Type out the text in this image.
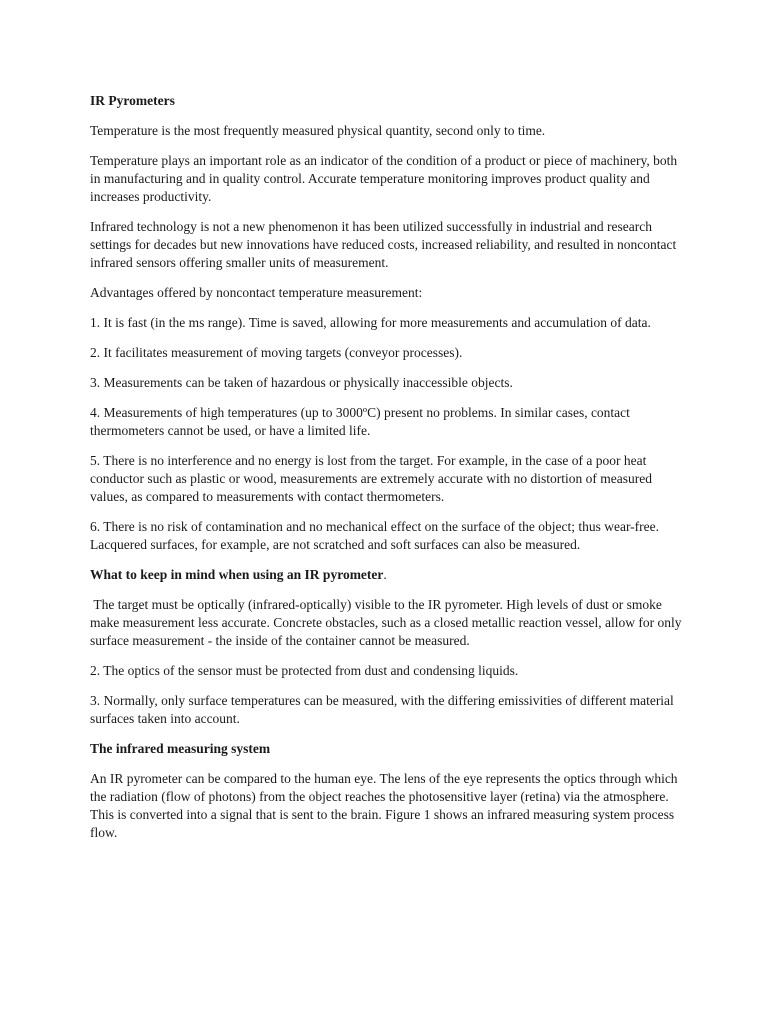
IR Pyrometers
Temperature is the most frequently measured physical quantity, second only to time.
Temperature plays an important role as an indicator of the condition of a product or piece of machinery, both in manufacturing and in quality control. Accurate temperature monitoring improves product quality and increases productivity.
Infrared technology is not a new phenomenon it has been utilized successfully in industrial and research settings for decades but new innovations have reduced costs, increased reliability, and resulted in noncontact infrared sensors offering smaller units of measurement.
Advantages offered by noncontact temperature measurement:
1. It is fast (in the ms range). Time is saved, allowing for more measurements and accumulation of data.
2. It facilitates measurement of moving targets (conveyor processes).
3. Measurements can be taken of hazardous or physically inaccessible objects.
4. Measurements of high temperatures (up to 3000ºC) present no problems. In similar cases, contact thermometers cannot be used, or have a limited life.
5. There is no interference and no energy is lost from the target. For example, in the case of a poor heat conductor such as plastic or wood, measurements are extremely accurate with no distortion of measured values, as compared to measurements with contact thermometers.
6. There is no risk of contamination and no mechanical effect on the surface of the object; thus wear-free. Lacquered surfaces, for example, are not scratched and soft surfaces can also be measured.
What to keep in mind when using an IR pyrometer.
The target must be optically (infrared-optically) visible to the IR pyrometer. High levels of dust or smoke make measurement less accurate. Concrete obstacles, such as a closed metallic reaction vessel, allow for only surface measurement - the inside of the container cannot be measured.
2. The optics of the sensor must be protected from dust and condensing liquids.
3. Normally, only surface temperatures can be measured, with the differing emissivities of different material surfaces taken into account.
The infrared measuring system
An IR pyrometer can be compared to the human eye. The lens of the eye represents the optics through which the radiation (flow of photons) from the object reaches the photosensitive layer (retina) via the atmosphere. This is converted into a signal that is sent to the brain. Figure 1 shows an infrared measuring system process flow.
